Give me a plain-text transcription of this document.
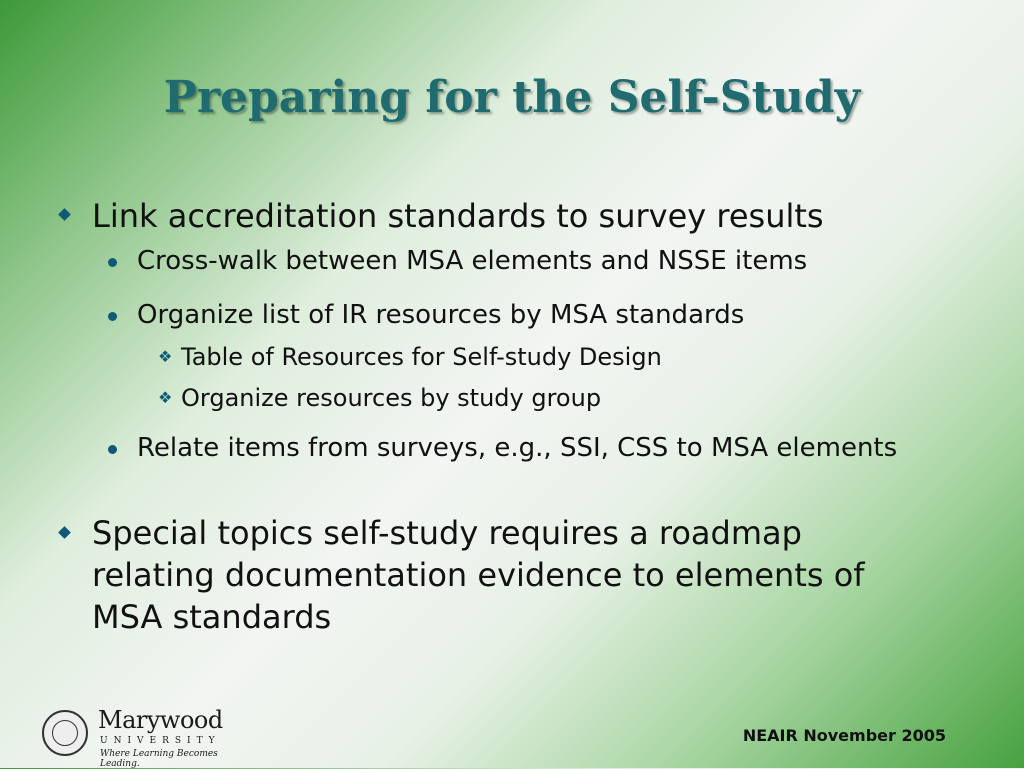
Preparing for the Self-Study
Link accreditation standards to survey results
Cross-walk between MSA elements and NSSE items
Organize list of IR resources by MSA standards
❖ Table of Resources for Self-study Design
❖ Organize resources by study group
Relate items from surveys, e.g., SSI, CSS to MSA elements
Special topics self-study requires a roadmap relating documentation evidence to elements of MSA standards
Marywood
UNIVERSITY
Where Learning Becomes Leading.
NEAIR November 2005
